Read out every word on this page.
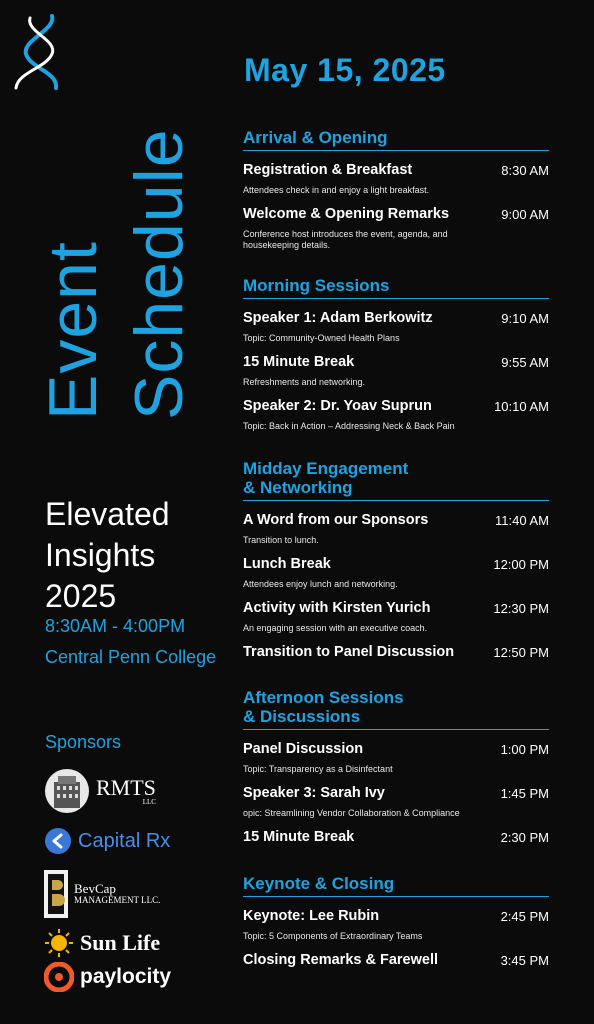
Event Schedule
Elevated
Insights
2025
8:30AM - 4:00PM
Central Penn College
Sponsors
RMTS
LLC
Capital Rx
BevCap
MANAGEMENT LLC.
Sun Life
paylocity
May 15, 2025
Arrival & Opening
Registration & Breakfast	8:30 AM
Attendees check in and enjoy a light breakfast.
Welcome & Opening Remarks	9:00 AM
Conference host introduces the event, agenda, and housekeeping details.
Morning Sessions
Speaker 1: Adam Berkowitz	9:10 AM
Topic: Community-Owned Health Plans
15 Minute Break	9:55 AM
Refreshments and networking.
Speaker 2: Dr. Yoav Suprun	10:10 AM
Topic: Back in Action – Addressing Neck & Back Pain
Midday Engagement
& Networking
A Word from our Sponsors	11:40 AM
Transition to lunch.
Lunch Break	12:00 PM
Attendees enjoy lunch and networking.
Activity with Kirsten Yurich	12:30 PM
An engaging session with an executive coach.
Transition to Panel Discussion	12:50 PM
Afternoon Sessions
& Discussions
Panel Discussion	1:00 PM
Topic: Transparency as a Disinfectant
Speaker 3: Sarah Ivy	1:45 PM
opic: Streamlining Vendor Collaboration & Compliance
15 Minute Break	2:30 PM
Keynote & Closing
Keynote: Lee Rubin	2:45 PM
Topic: 5 Components of Extraordinary Teams
Closing Remarks & Farewell	3:45 PM
